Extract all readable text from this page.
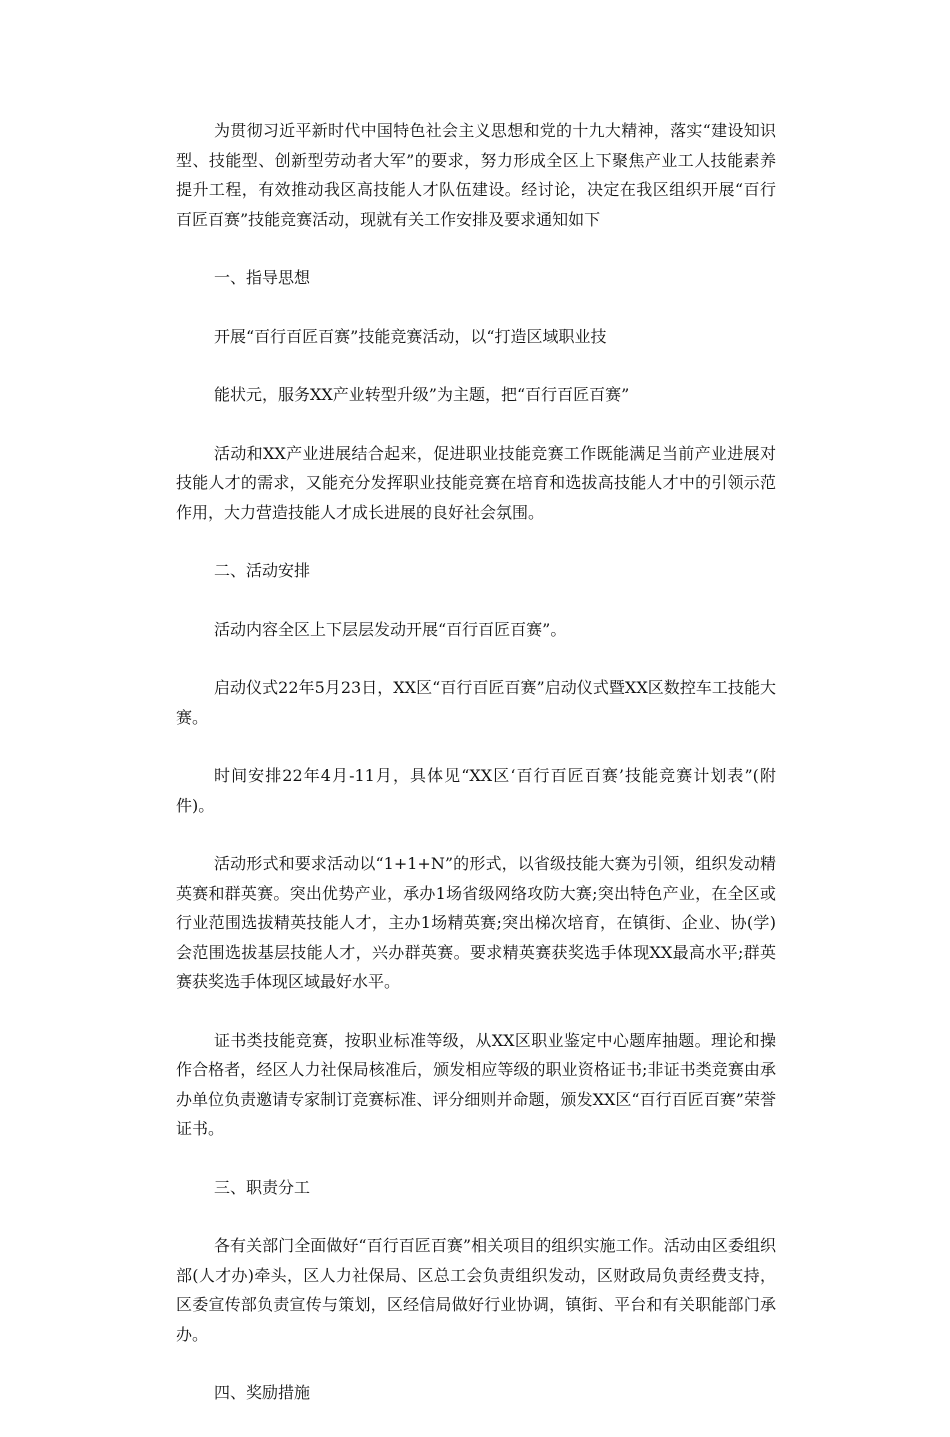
为贯彻习近平新时代中国特色社会主义思想和党的十九大精神，落实“建设知识型、技能型、创新型劳动者大军”的要求，努力形成全区上下聚焦产业工人技能素养提升工程，有效推动我区高技能人才队伍建设。经讨论，决定在我区组织开展“百行百匠百赛”技能竞赛活动，现就有关工作安排及要求通知如下

一、指导思想

开展“百行百匠百赛”技能竞赛活动，以“打造区域职业技

能状元，服务XX产业转型升级”为主题，把“百行百匠百赛”

活动和XX产业进展结合起来，促进职业技能竞赛工作既能满足当前产业进展对技能人才的需求，又能充分发挥职业技能竞赛在培育和选拔高技能人才中的引领示范作用，大力营造技能人才成长进展的良好社会氛围。

二、活动安排

活动内容全区上下层层发动开展“百行百匠百赛”。

启动仪式22年5月23日，XX区“百行百匠百赛”启动仪式暨XX区数控车工技能大赛。

时间安排22年4月-11月，具体见“XX区‘百行百匠百赛’技能竞赛计划表”(附件)。

活动形式和要求活动以“1+1+N”的形式，以省级技能大赛为引领，组织发动精英赛和群英赛。突出优势产业，承办1场省级网络攻防大赛;突出特色产业，在全区或行业范围选拔精英技能人才，主办1场精英赛;突出梯次培育，在镇街、企业、协(学)会范围选拔基层技能人才，兴办群英赛。要求精英赛获奖选手体现XX最高水平;群英赛获奖选手体现区域最好水平。

证书类技能竞赛，按职业标准等级，从XX区职业鉴定中心题库抽题。理论和操作合格者，经区人力社保局核准后，颁发相应等级的职业资格证书;非证书类竞赛由承办单位负责邀请专家制订竞赛标准、评分细则并命题，颁发XX区“百行百匠百赛”荣誉证书。

三、职责分工

各有关部门全面做好“百行百匠百赛”相关项目的组织实施工作。活动由区委组织部(人才办)牵头，区人力社保局、区总工会负责组织发动，区财政局负责经费支持，区委宣传部负责宣传与策划，区经信局做好行业协调，镇街、平台和有关职能部门承办。

四、奖励措施
